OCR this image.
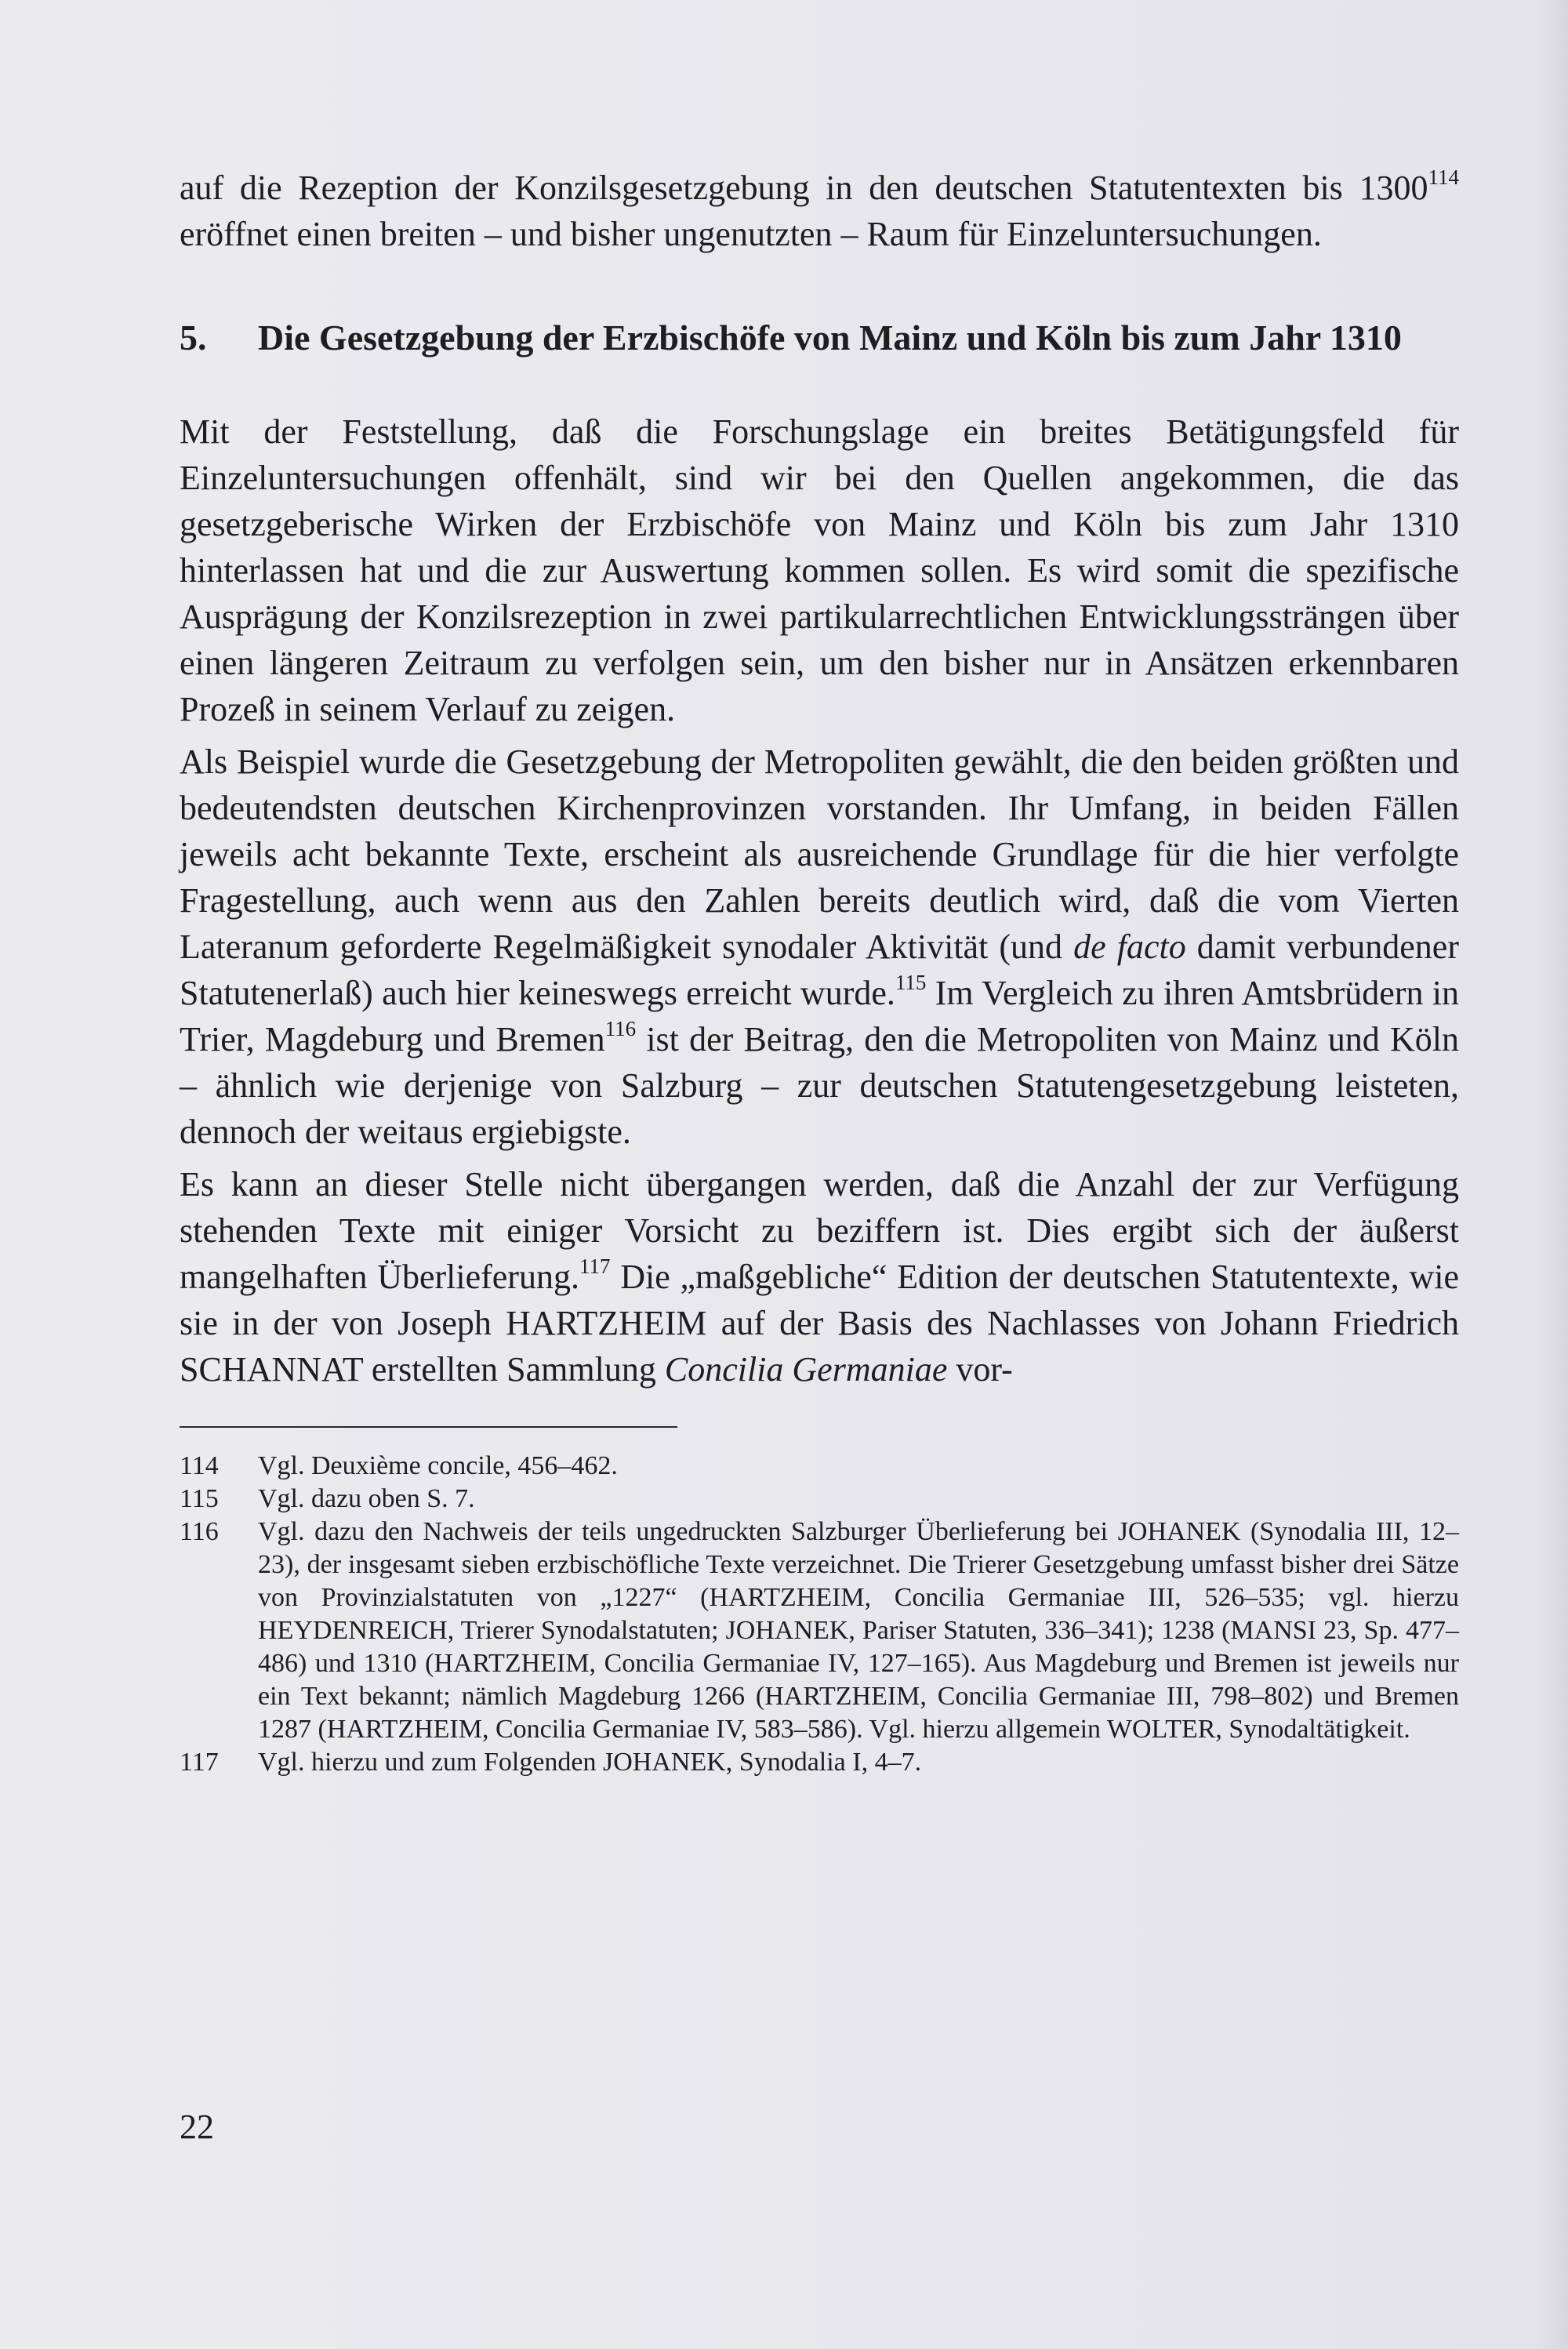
auf die Rezeption der Konzilsgesetzgebung in den deutschen Statutentexten bis 1300$^{114}$ eröffnet einen breiten – und bisher ungenutzten – Raum für Einzeluntersuchungen.

5.	Die Gesetzgebung der Erzbischöfe von Mainz und Köln bis zum Jahr 1310

Mit der Feststellung, daß die Forschungslage ein breites Betätigungsfeld für Einzeluntersuchungen offenhält, sind wir bei den Quellen angekommen, die das gesetzgeberische Wirken der Erzbischöfe von Mainz und Köln bis zum Jahr 1310 hinterlassen hat und die zur Auswertung kommen sollen. Es wird somit die spezifische Ausprägung der Konzilsrezeption in zwei partikularrechtlichen Entwicklungssträngen über einen längeren Zeitraum zu verfolgen sein, um den bisher nur in Ansätzen erkennbaren Prozeß in seinem Verlauf zu zeigen.

Als Beispiel wurde die Gesetzgebung der Metropoliten gewählt, die den beiden größten und bedeutendsten deutschen Kirchenprovinzen vorstanden. Ihr Umfang, in beiden Fällen jeweils acht bekannte Texte, erscheint als ausreichende Grundlage für die hier verfolgte Fragestellung, auch wenn aus den Zahlen bereits deutlich wird, daß die vom Vierten Lateranum geforderte Regelmäßigkeit synodaler Aktivität (und de facto damit verbundener Statutenerlaß) auch hier keineswegs erreicht wurde.$^{115}$ Im Vergleich zu ihren Amtsbrüdern in Trier, Magdeburg und Bremen$^{116}$ ist der Beitrag, den die Metropoliten von Mainz und Köln – ähnlich wie derjenige von Salzburg – zur deutschen Statutengesetzgebung leisteten, dennoch der weitaus ergiebigste.

Es kann an dieser Stelle nicht übergangen werden, daß die Anzahl der zur Verfügung stehenden Texte mit einiger Vorsicht zu beziffern ist. Dies ergibt sich der äußerst mangelhaften Überlieferung.$^{117}$ Die „maßgebliche“ Edition der deutschen Statutentexte, wie sie in der von Joseph HARTZHEIM auf der Basis des Nachlasses von Johann Friedrich SCHANNAT erstellten Sammlung Concilia Germaniae vor-

114	Vgl. Deuxième concile, 456–462.
115	Vgl. dazu oben S. 7.
116	Vgl. dazu den Nachweis der teils ungedruckten Salzburger Überlieferung bei JOHANEK (Synodalia III, 12–23), der insgesamt sieben erzbischöfliche Texte verzeichnet. Die Trierer Gesetzgebung umfasst bisher drei Sätze von Provinzialstatuten von „1227“ (HARTZHEIM, Concilia Germaniae III, 526–535; vgl. hierzu HEYDENREICH, Trierer Synodalstatuten; JOHANEK, Pariser Statuten, 336–341); 1238 (MANSI 23, Sp. 477–486) und 1310 (HARTZHEIM, Concilia Germaniae IV, 127–165). Aus Magdeburg und Bremen ist jeweils nur ein Text bekannt; nämlich Magdeburg 1266 (HARTZHEIM, Concilia Germaniae III, 798–802) und Bremen 1287 (HARTZHEIM, Concilia Germaniae IV, 583–586). Vgl. hierzu allgemein WOLTER, Synodaltätigkeit.
117	Vgl. hierzu und zum Folgenden JOHANEK, Synodalia I, 4–7.
22
